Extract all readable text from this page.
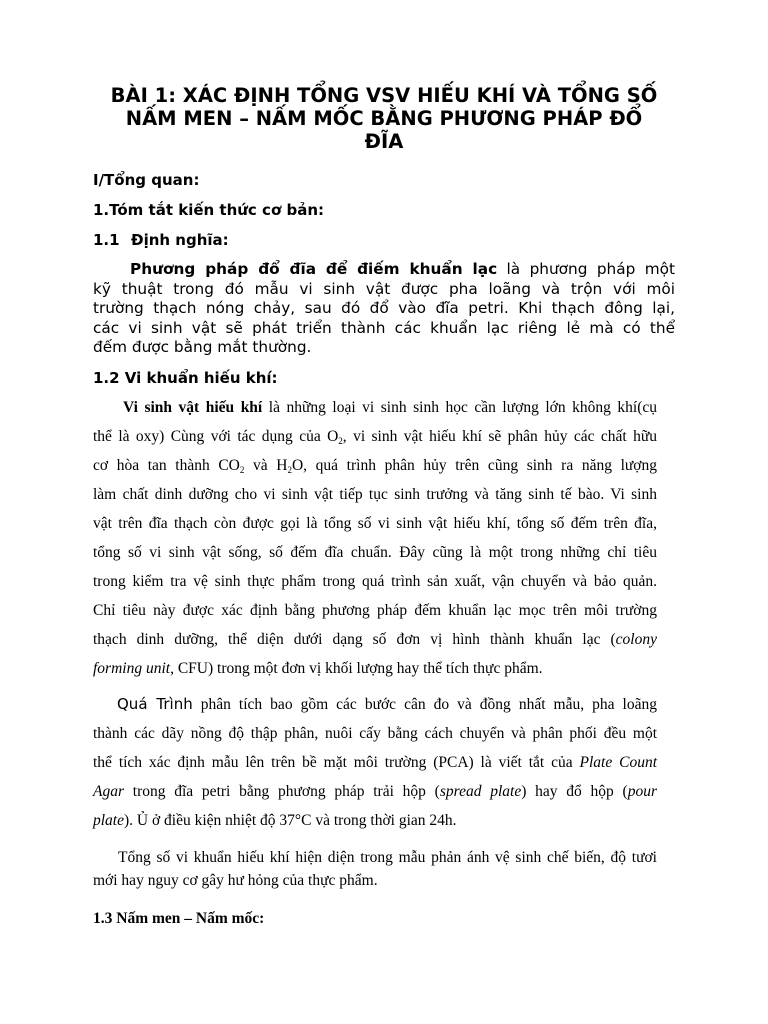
BÀI 1: XÁC ĐỊNH TỔNG VSV HIẾU KHÍ VÀ TỔNG SỐ
NẤM MEN – NẤM MỐC BẰNG PHƯƠNG PHÁP ĐỔ
ĐĨA
I/Tổng quan:
1.Tóm tắt kiến thức cơ bản:
1.1 Định nghĩa:
Phương pháp đổ đĩa để điếm khuẩn lạc là phương pháp một
kỹ thuật trong đó mẫu vi sinh vật được pha loãng và trộn với môi
trường thạch nóng chảy, sau đó đổ vào đĩa petri. Khi thạch đông lại,
các vi sinh vật sẽ phát triển thành các khuẩn lạc riêng lẻ mà có thể
đếm được bằng mắt thường.
1.2 Vi khuẩn hiếu khí:
Vi sinh vật hiếu khí là những loại vi sinh sinh học cần lượng lớn không khí(cụ
thể là oxy) Cùng với tác dụng của $O_2$, vi sinh vật hiếu khí sẽ phân hủy các chất hữu
cơ hòa tan thành $CO_2$ và $H_2O$, quá trình phân hủy trên cũng sinh ra năng lượng
làm chất dinh dưỡng cho vi sinh vật tiếp tục sinh trưởng và tăng sinh tế bào. Vi sinh
vật trên đĩa thạch còn được gọi là tổng số vi sinh vật hiếu khí, tổng số đếm trên đĩa,
tổng số vi sinh vật sống, số đếm đĩa chuẩn. Đây cũng là một trong những chỉ tiêu
trong kiểm tra vệ sinh thực phẩm trong quá trình sản xuất, vận chuyển và bảo quản.
Chỉ tiêu này được xác định bằng phương pháp đếm khuẩn lạc mọc trên môi trường
thạch dinh dưỡng, thể diện dưới dạng số đơn vị hình thành khuẩn lạc (colony
forming unit, CFU) trong một đơn vị khối lượng hay thể tích thực phẩm.
Quá Trình phân tích bao gồm các bước cân đo và đồng nhất mẫu, pha loãng
thành các dãy nồng độ thập phân, nuôi cấy bằng cách chuyển và phân phối đều một
thể tích xác định mẫu lên trên bề mặt môi trường (PCA) là viết tắt của Plate Count
Agar trong đĩa petri bằng phương pháp trải hộp (spread plate) hay đổ hộp (pour
plate). Ủ ở điều kiện nhiệt độ 37°C và trong thời gian 24h.
Tổng số vi khuẩn hiếu khí hiện diện trong mẫu phản ánh vệ sinh chế biến, độ tươi
mới hay nguy cơ gây hư hỏng của thực phẩm.
1.3 Nấm men – Nấm mốc:
